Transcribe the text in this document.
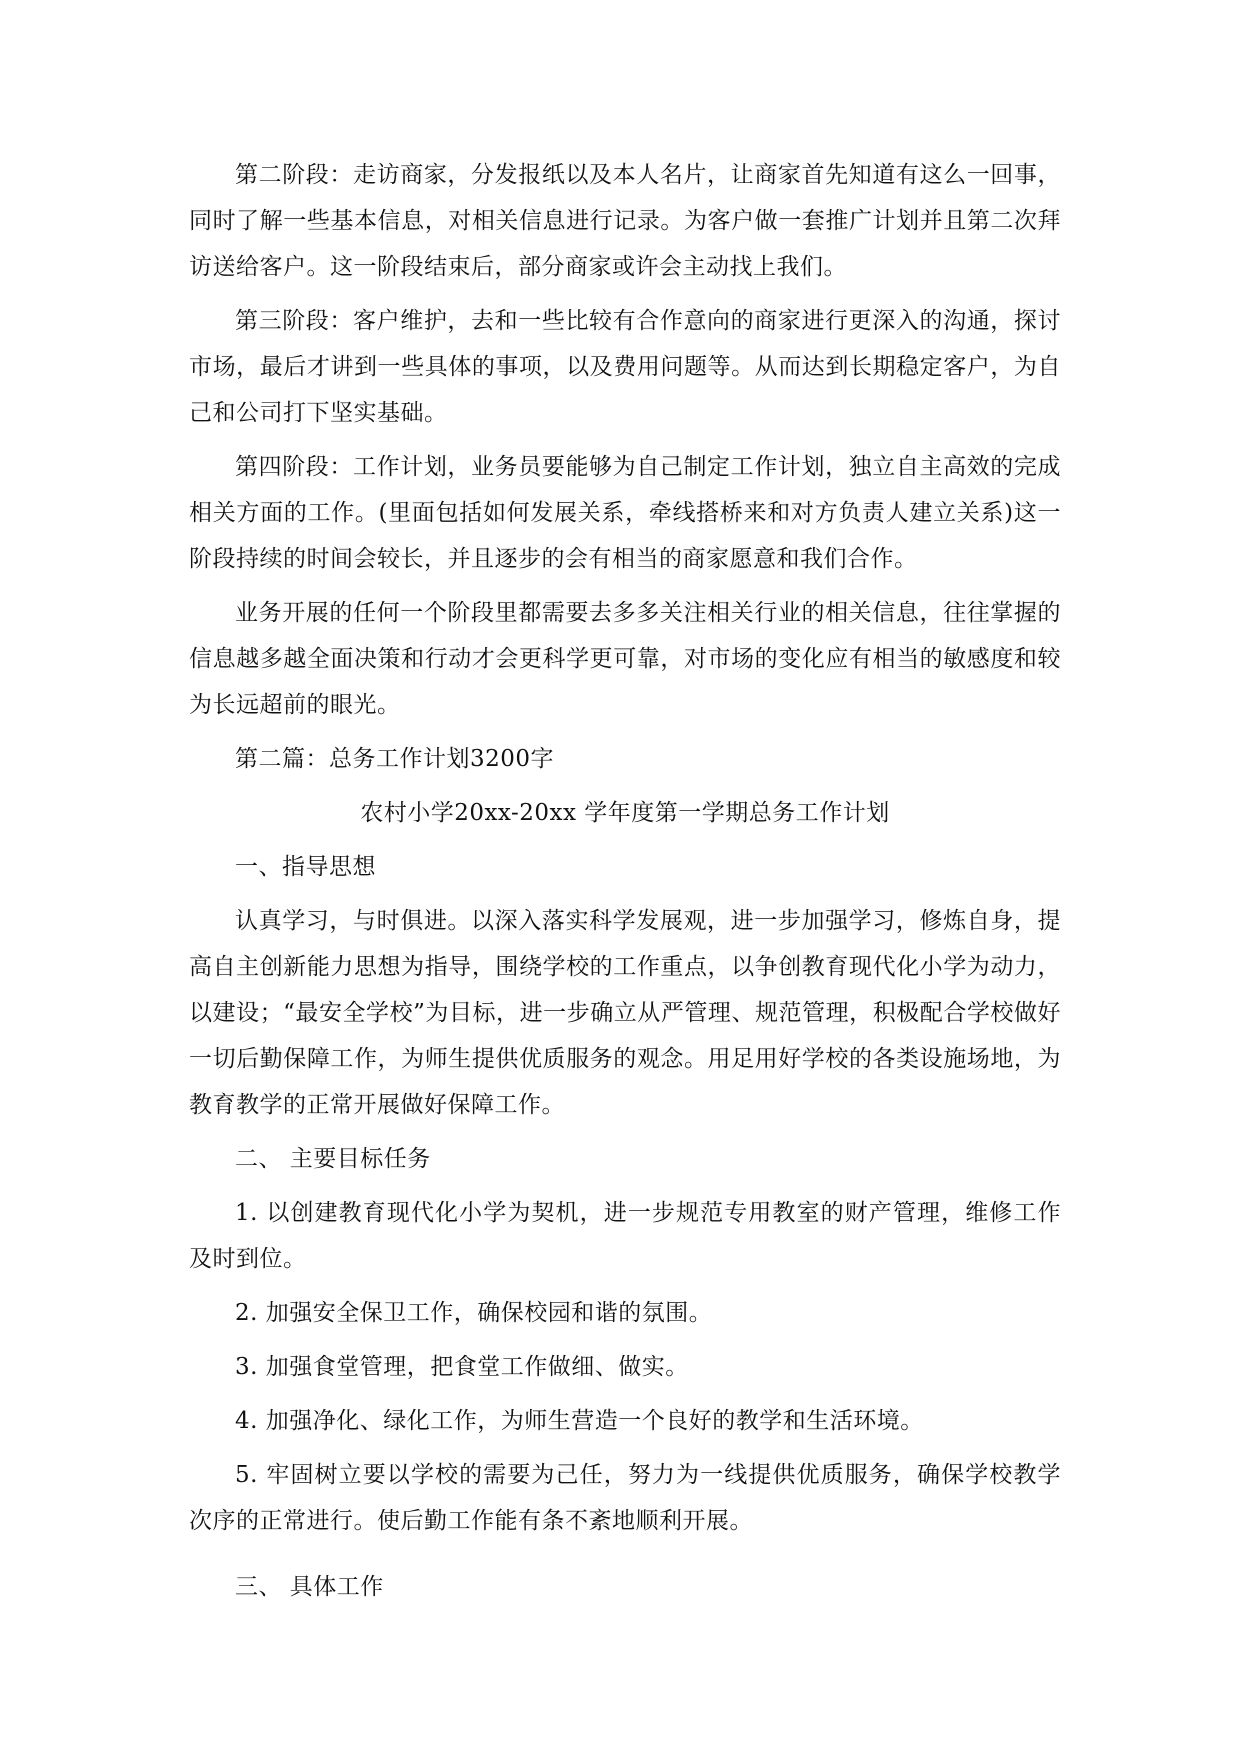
第二阶段：走访商家，分发报纸以及本人名片，让商家首先知道有这么一回事，同时了解一些基本信息，对相关信息进行记录。为客户做一套推广计划并且第二次拜访送给客户。这一阶段结束后，部分商家或许会主动找上我们。

第三阶段：客户维护，去和一些比较有合作意向的商家进行更深入的沟通，探讨市场，最后才讲到一些具体的事项，以及费用问题等。从而达到长期稳定客户，为自己和公司打下坚实基础。

第四阶段：工作计划，业务员要能够为自己制定工作计划，独立自主高效的完成相关方面的工作。(里面包括如何发展关系，牵线搭桥来和对方负责人建立关系)这一阶段持续的时间会较长，并且逐步的会有相当的商家愿意和我们合作。

业务开展的任何一个阶段里都需要去多多关注相关行业的相关信息，往往掌握的信息越多越全面决策和行动才会更科学更可靠，对市场的变化应有相当的敏感度和较为长远超前的眼光。

第二篇：总务工作计划3200字

农村小学20xx-20xx 学年度第一学期总务工作计划

一、指导思想

认真学习，与时俱进。以深入落实科学发展观，进一步加强学习，修炼自身，提高自主创新能力思想为指导，围绕学校的工作重点，以争创教育现代化小学为动力，以建设；“最安全学校”为目标，进一步确立从严管理、规范管理，积极配合学校做好一切后勤保障工作，为师生提供优质服务的观念。用足用好学校的各类设施场地，为教育教学的正常开展做好保障工作。

二、 主要目标任务

1. 以创建教育现代化小学为契机，进一步规范专用教室的财产管理，维修工作及时到位。

2. 加强安全保卫工作，确保校园和谐的氛围。

3. 加强食堂管理，把食堂工作做细、做实。

4. 加强净化、绿化工作，为师生营造一个良好的教学和生活环境。

5. 牢固树立要以学校的需要为己任，努力为一线提供优质服务，确保学校教学次序的正常进行。使后勤工作能有条不紊地顺利开展。

三、 具体工作
